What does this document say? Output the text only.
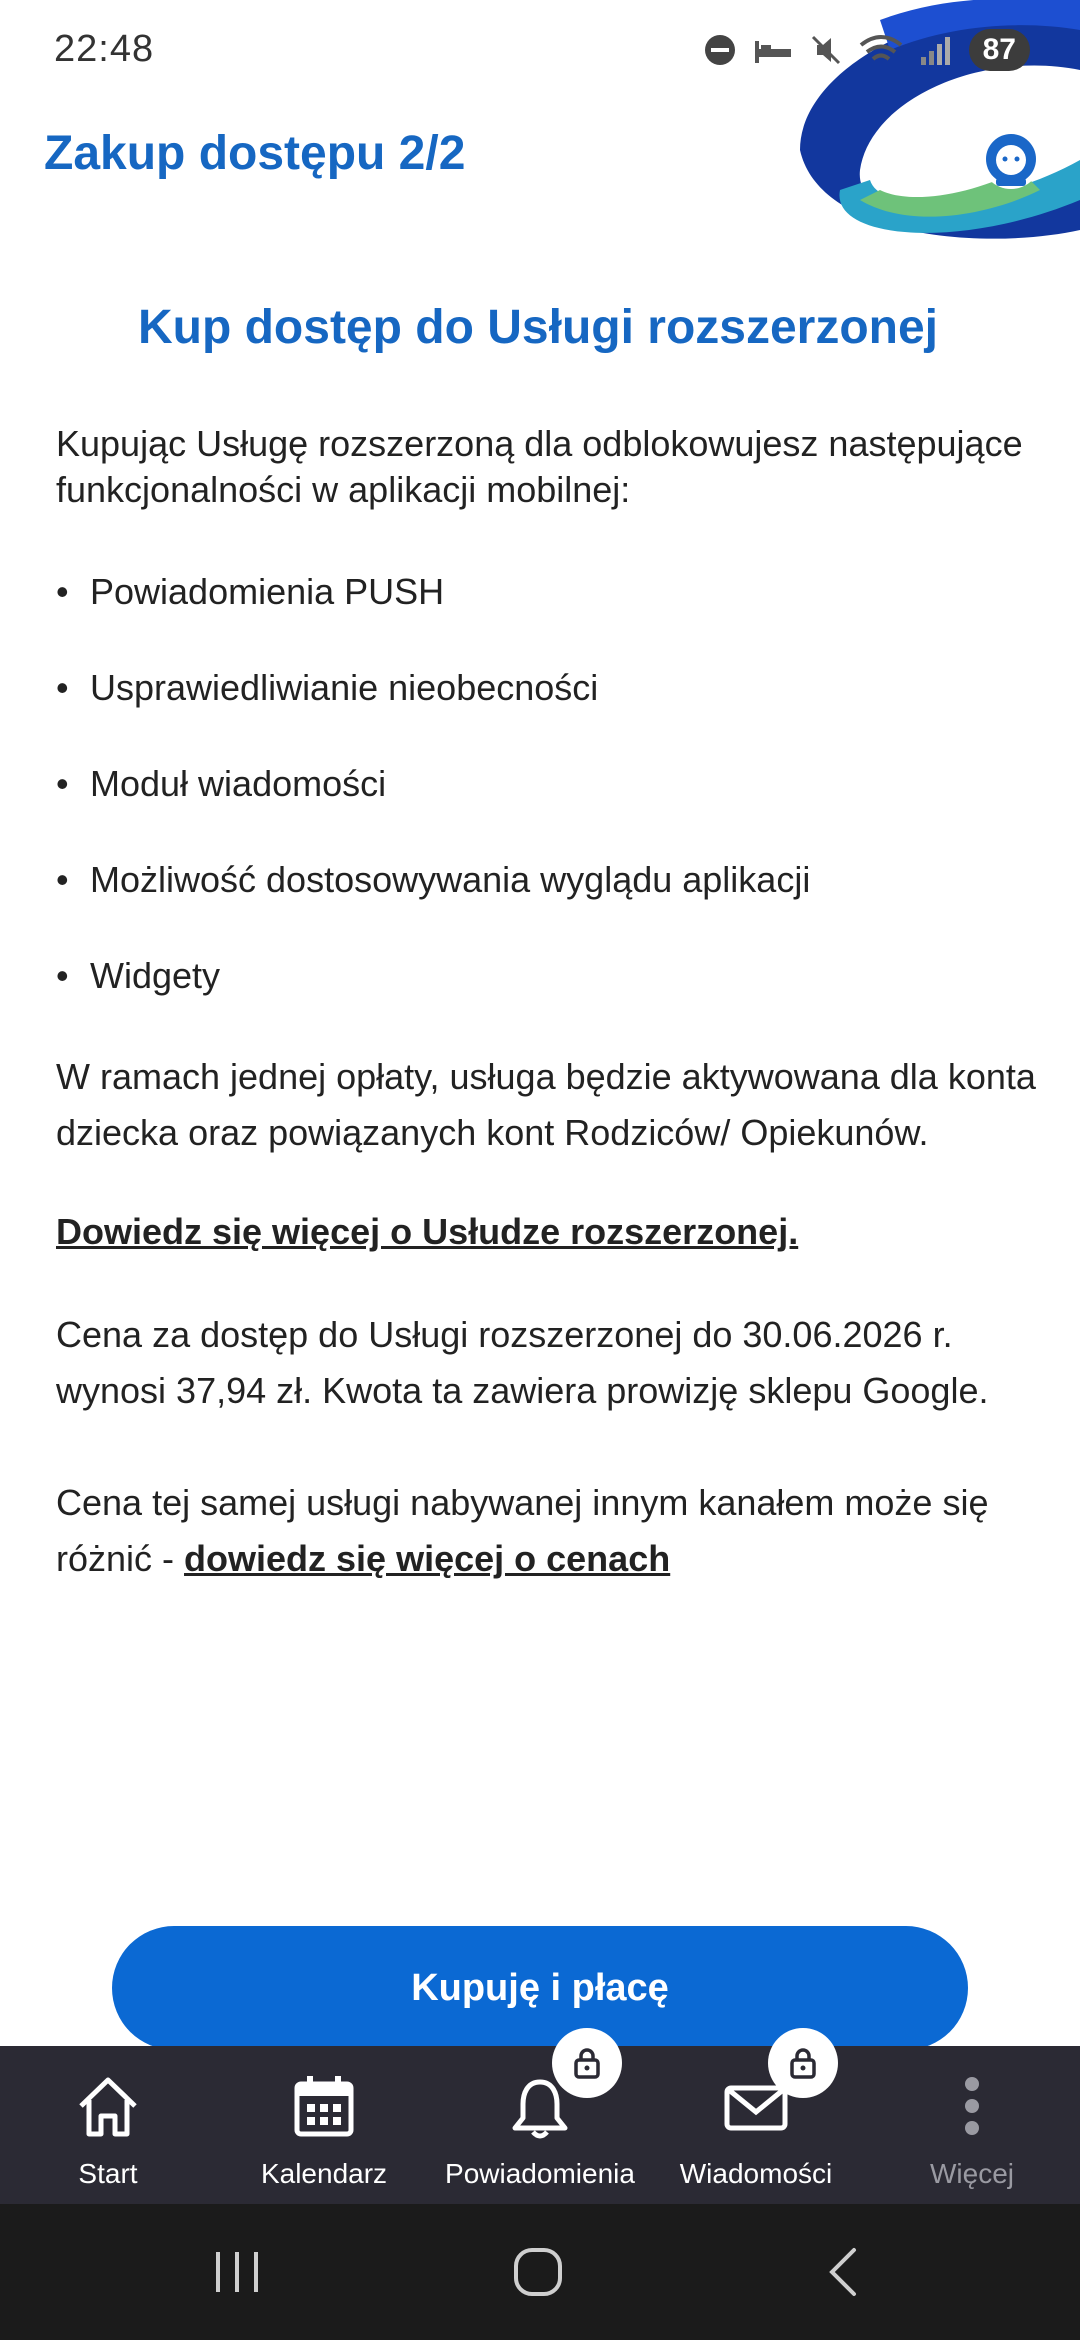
22:48	87
Zakup dostępu 2/2
Kup dostęp do Usługi rozszerzonej

Kupując Usługę rozszerzoną dla odblokowujesz następujące funkcjonalności w aplikacji mobilnej:

• Powiadomienia PUSH
• Usprawiedliwianie nieobecności
• Moduł wiadomości
• Możliwość dostosowywania wyglądu aplikacji
• Widgety

W ramach jednej opłaty, usługa będzie aktywowana dla konta dziecka oraz powiązanych kont Rodziców/ Opiekunów.

Dowiedz się więcej o Usłudze rozszerzonej.

Cena za dostęp do Usługi rozszerzonej do 30.06.2026 r. wynosi 37,94 zł. Kwota ta zawiera prowizję sklepu Google.

Cena tej samej usługi nabywanej innym kanałem może się różnić - dowiedz się więcej o cenach

Kupuję i płacę
Start	Kalendarz	Powiadomienia	Wiadomości	Więcej
